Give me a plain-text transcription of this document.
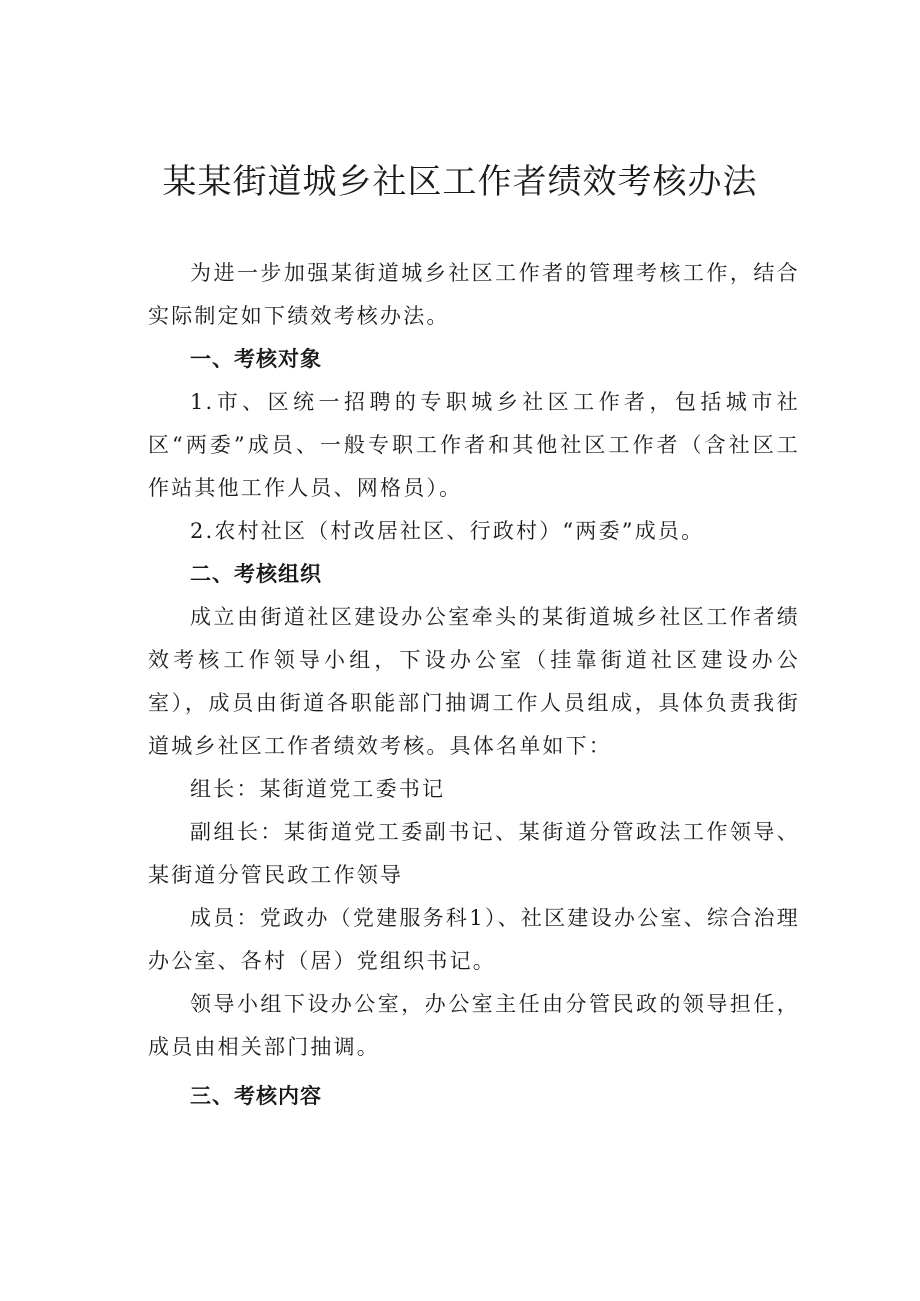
某某街道城乡社区工作者绩效考核办法

为进一步加强某街道城乡社区工作者的管理考核工作，结合实际制定如下绩效考核办法。

一、考核对象

1.市、区统一招聘的专职城乡社区工作者，包括城市社区“两委”成员、一般专职工作者和其他社区工作者（含社区工作站其他工作人员、网格员）。

2.农村社区（村改居社区、行政村）“两委”成员。

二、考核组织

成立由街道社区建设办公室牵头的某街道城乡社区工作者绩效考核工作领导小组，下设办公室（挂靠街道社区建设办公室），成员由街道各职能部门抽调工作人员组成，具体负责我街道城乡社区工作者绩效考核。具体名单如下：

组长：某街道党工委书记

副组长：某街道党工委副书记、某街道分管政法工作领导、某街道分管民政工作领导

成员：党政办（党建服务科1）、社区建设办公室、综合治理办公室、各村（居）党组织书记。

领导小组下设办公室，办公室主任由分管民政的领导担任，成员由相关部门抽调。

三、考核内容
